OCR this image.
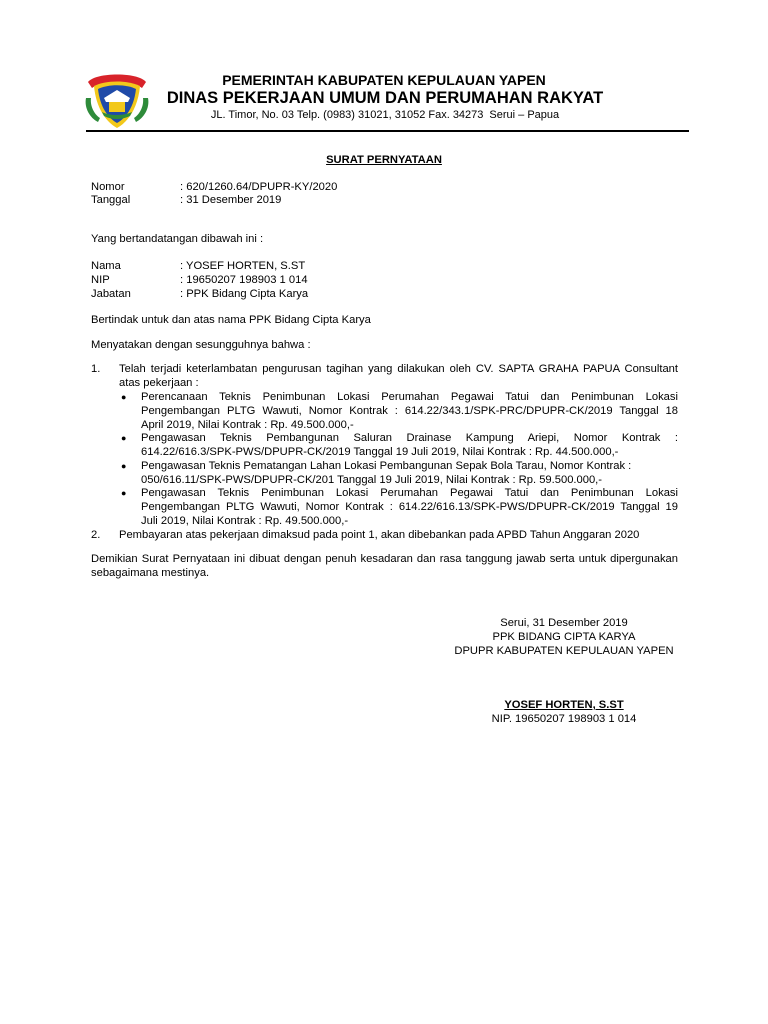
PEMERINTAH KABUPATEN KEPULAUAN YAPEN
DINAS PEKERJAAN UMUM DAN PERUMAHAN RAKYAT
JL. Timor, No. 03 Telp. (0983) 31021, 31052 Fax. 34273 Serui – Papua
SURAT PERNYATAAN
Nomor	: 620/1260.64/DPUPR-KY/2020
Tanggal	: 31 Desember 2019
Yang bertandatangan dibawah ini :
Nama	: YOSEF HORTEN, S.ST
NIP	: 19650207 198903 1 014
Jabatan	: PPK Bidang Cipta Karya
Bertindak untuk dan atas nama PPK Bidang Cipta Karya
Menyatakan dengan sesungguhnya bahwa :
1. Telah terjadi keterlambatan pengurusan tagihan yang dilakukan oleh CV. SAPTA GRAHA PAPUA Consultant
atas pekerjaan :
● Perencanaan Teknis Penimbunan Lokasi Perumahan Pegawai Tatui dan Penimbunan Lokasi
Pengembangan PLTG Wawuti, Nomor Kontrak : 614.22/343.1/SPK-PRC/DPUPR-CK/2019 Tanggal 18
April 2019, Nilai Kontrak : Rp. 49.500.000,-
● Pengawasan Teknis Pembangunan Saluran Drainase Kampung Ariepi, Nomor Kontrak :
614.22/616.3/SPK-PWS/DPUPR-CK/2019 Tanggal 19 Juli 2019, Nilai Kontrak : Rp. 44.500.000,-
● Pengawasan Teknis Pematangan Lahan Lokasi Pembangunan Sepak Bola Tarau, Nomor Kontrak :
050/616.11/SPK-PWS/DPUPR-CK/201 Tanggal 19 Juli 2019, Nilai Kontrak : Rp. 59.500.000,-
● Pengawasan Teknis Penimbunan Lokasi Perumahan Pegawai Tatui dan Penimbunan Lokasi
Pengembangan PLTG Wawuti, Nomor Kontrak : 614.22/616.13/SPK-PWS/DPUPR-CK/2019 Tanggal 19
Juli 2019, Nilai Kontrak : Rp. 49.500.000,-
2. Pembayaran atas pekerjaan dimaksud pada point 1, akan dibebankan pada APBD Tahun Anggaran 2020
Demikian Surat Pernyataan ini dibuat dengan penuh kesadaran dan rasa tanggung jawab serta untuk dipergunakan
sebagaimana mestinya.
Serui, 31 Desember 2019
PPK BIDANG CIPTA KARYA
DPUPR KABUPATEN KEPULAUAN YAPEN
YOSEF HORTEN, S.ST
NIP. 19650207 198903 1 014
